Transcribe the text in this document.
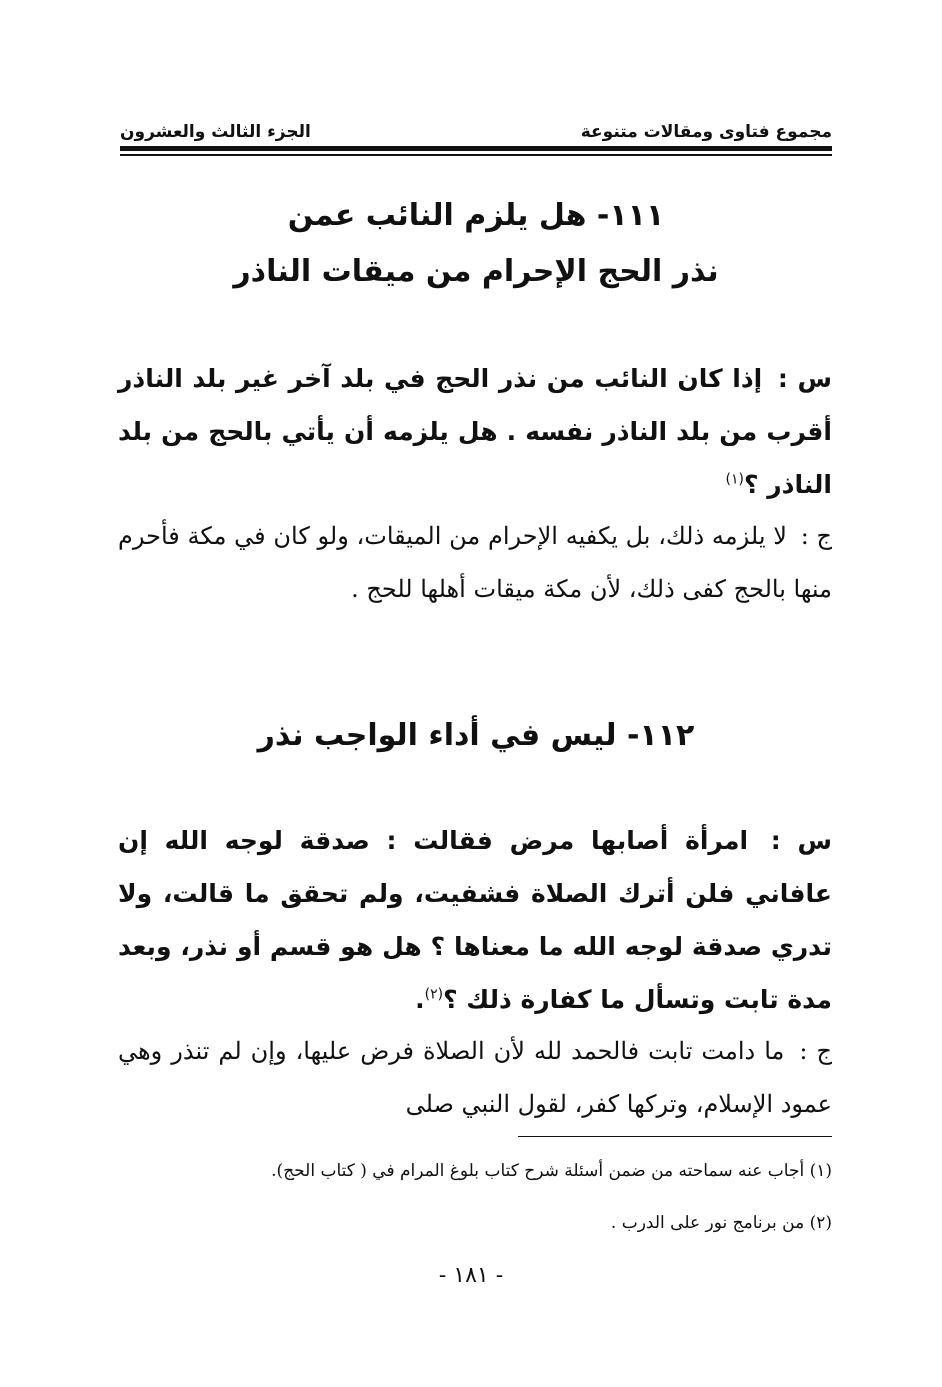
مجموع فتاوى ومقالات متنوعة
الجزء الثالث والعشرون
١١١- هل يلزم النائب عمن
نذر الحج الإحرام من ميقات الناذر

س : إذا كان النائب من نذر الحج في بلد آخر غير بلد الناذر أقرب من بلد الناذر نفسه . هل يلزمه أن يأتي بالحج من بلد الناذر ؟$^{(١)}$

ج : لا يلزمه ذلك، بل يكفيه الإحرام من الميقات، ولو كان في مكة فأحرم منها بالحج كفى ذلك، لأن مكة ميقات أهلها للحج .

١١٢- ليس في أداء الواجب نذر

س : امرأة أصابها مرض فقالت : صدقة لوجه الله إن عافاني فلن أترك الصلاة فشفيت، ولم تحقق ما قالت، ولا تدري صدقة لوجه الله ما معناها ؟ هل هو قسم أو نذر، وبعد مدة تابت وتسأل ما كفارة ذلك ؟$^{(٢)}$.

ج : ما دامت تابت فالحمد لله لأن الصلاة فرض عليها، وإن لم تنذر وهي عمود الإسلام، وتركها كفر، لقول النبي صلى

(١) أجاب عنه سماحته من ضمن أسئلة شرح كتاب بلوغ المرام في ( كتاب الحج).
(٢) من برنامج نور على الدرب .
- ١٨١ -
